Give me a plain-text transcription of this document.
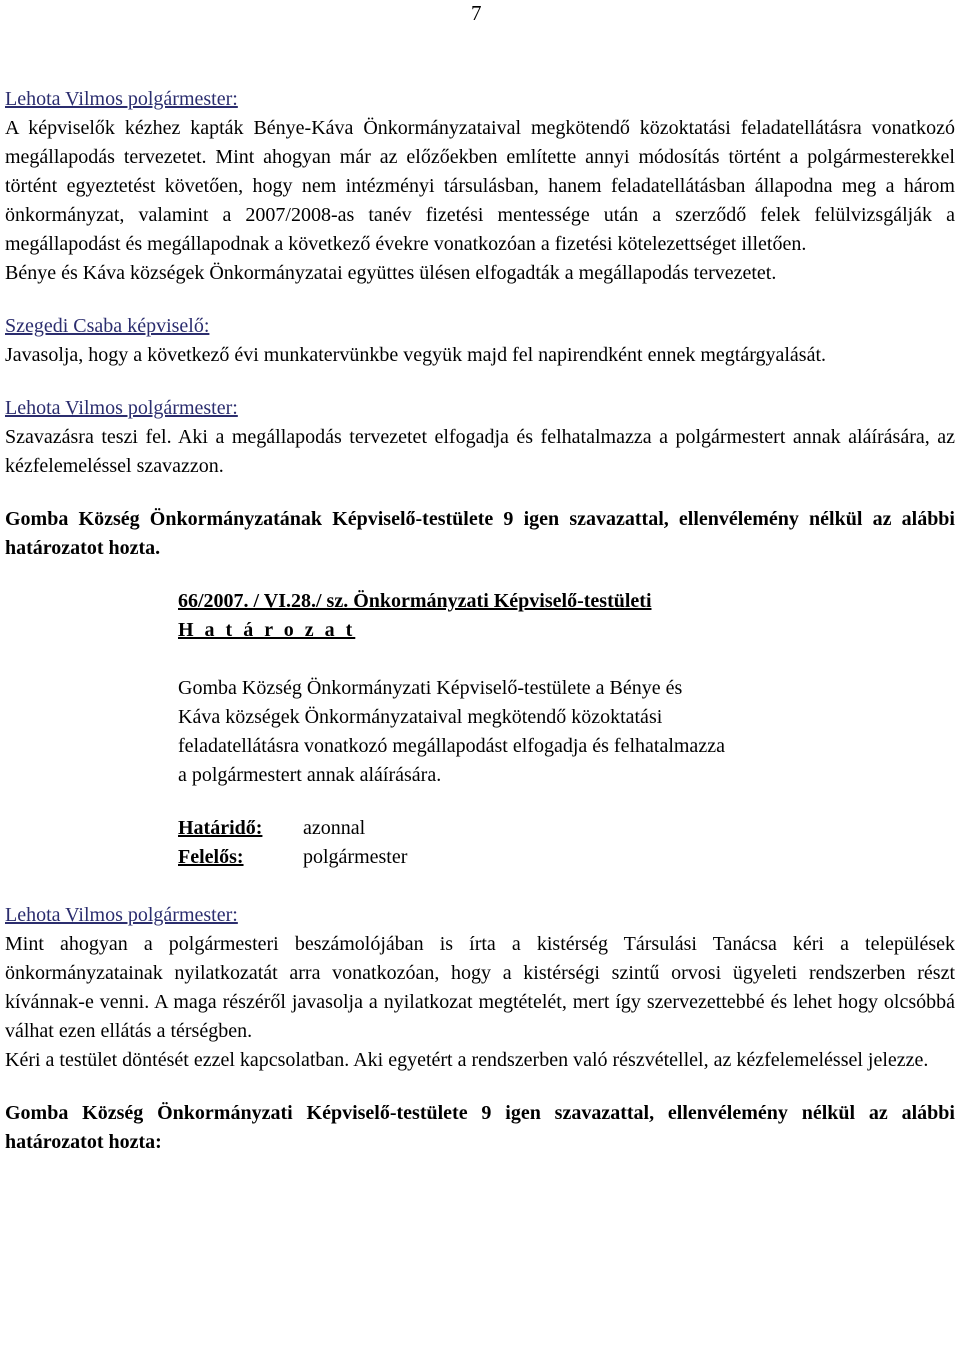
7
Lehota Vilmos polgármester:
A képviselők kézhez kapták Bénye-Káva Önkormányzataival megkötendő közoktatási feladatellátásra vonatkozó megállapodás tervezetet. Mint ahogyan már az előzőekben említette annyi módosítás történt a polgármesterekkel történt egyeztetést követően, hogy nem intézményi társulásban, hanem feladatellátásban állapodna meg a három önkormányzat, valamint a 2007/2008-as tanév fizetési mentessége után a szerződő felek felülvizsgálják a megállapodást és megállapodnak a következő évekre vonatkozóan a fizetési kötelezettséget illetően.
Bénye és Káva községek Önkormányzatai együttes ülésen elfogadták a megállapodás tervezetet.
Szegedi Csaba képviselő:
Javasolja, hogy a következő évi munkatervünkbe vegyük majd fel napirendként ennek megtárgyalását.
Lehota Vilmos polgármester:
Szavazásra teszi fel. Aki a megállapodás tervezetet elfogadja és felhatalmazza a polgármestert annak aláírására, az kézfelemeléssel szavazzon.
Gomba Község Önkormányzatának Képviselő-testülete 9 igen szavazattal, ellenvélemény nélkül az alábbi határozatot hozta.
66/2007. / VI.28./ sz. Önkormányzati Képviselő-testületi
H a t á r o z a t
Gomba Község Önkormányzati Képviselő-testülete a Bénye és
Káva községek Önkormányzataival megkötendő közoktatási
feladatellátásra vonatkozó megállapodást elfogadja és felhatalmazza
a polgármestert annak aláírására.
Határidő:	azonnal
Felelős:	polgármester
Lehota Vilmos polgármester:
Mint ahogyan a polgármesteri beszámolójában is írta a kistérség Társulási Tanácsa kéri a települések önkormányzatainak nyilatkozatát arra vonatkozóan, hogy a kistérségi szintű orvosi ügyeleti rendszerben részt kívánnak-e venni. A maga részéről javasolja a nyilatkozat megtételét, mert így szervezettebbé és lehet hogy olcsóbbá válhat ezen ellátás a térségben.
Kéri a testület döntését ezzel kapcsolatban. Aki egyetért a rendszerben való részvétellel, az kézfelemeléssel jelezze.
Gomba Község Önkormányzati Képviselő-testülete 9 igen szavazattal, ellenvélemény nélkül az alábbi határozatot hozta:
